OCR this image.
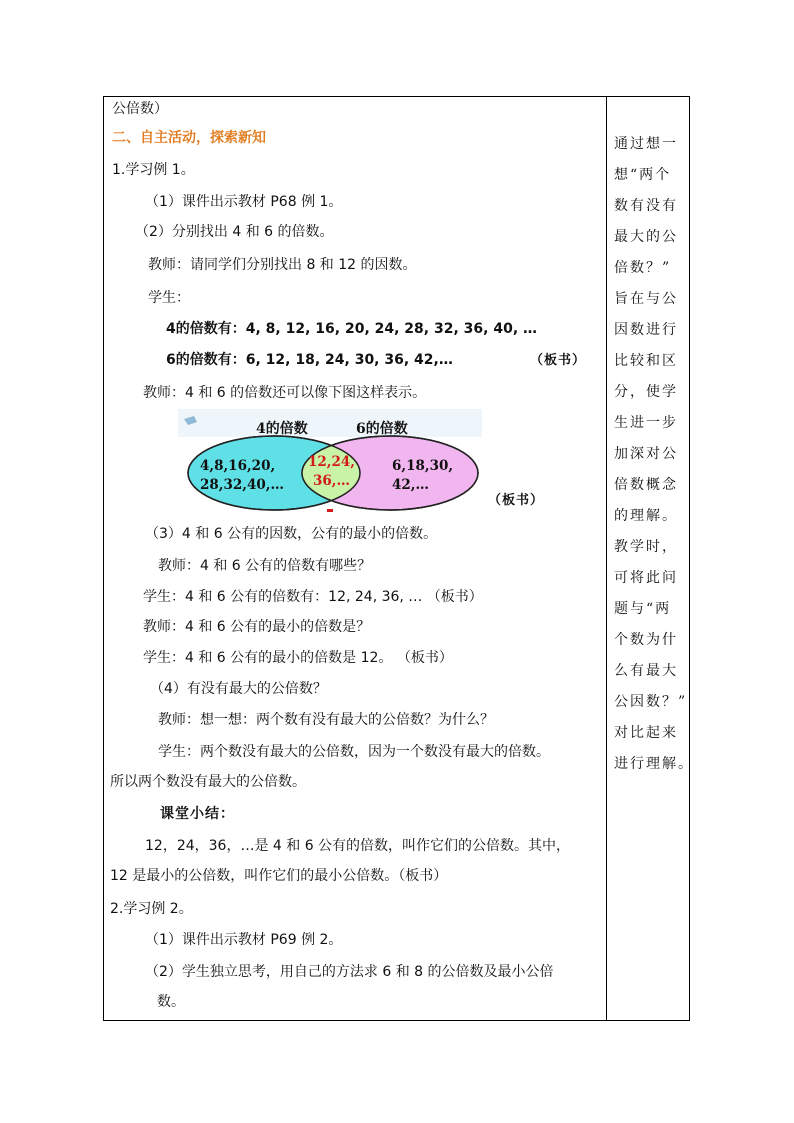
公倍数）
二、自主活动，探索新知
1.学习例 1。
（1）课件出示教材 P68 例 1。
（2）分别找出 4 和 6 的倍数。
教师：请同学们分别找出 8 和 12 的因数。
学生：
4的倍数有：4, 8, 12, 16, 20, 24, 28, 32, 36, 40, …
6的倍数有：6, 12, 18, 24, 30, 36, 42,…	（板书）
教师：4 和 6 的倍数还可以像下图这样表示。
4的倍数	6的倍数
4,8,16,20,
28,32,40,…
12,24,
36,…
6,18,30,
42,…
（板书）
（3）4 和 6 公有的因数，公有的最小的倍数。
教师：4 和 6 公有的倍数有哪些？
学生：4 和 6 公有的倍数有：12, 24, 36, … （板书）
教师：4 和 6 公有的最小的倍数是？
学生：4 和 6 公有的最小的倍数是 12。 （板书）
（4）有没有最大的公倍数？
教师：想一想：两个数有没有最大的公倍数？为什么？
学生：两个数没有最大的公倍数，因为一个数没有最大的倍数。
所以两个数没有最大的公倍数。
课堂小结：
12，24，36，…是 4 和 6 公有的倍数，叫作它们的公倍数。其中，
12 是最小的公倍数，叫作它们的最小公倍数。（板书）
2.学习例 2。
（1）课件出示教材 P69 例 2。
（2）学生独立思考，用自己的方法求 6 和 8 的公倍数及最小公倍
数。
通过想一
想“两个
数有没有
最大的公
倍数？”
旨在与公
因数进行
比较和区
分，使学
生进一步
加深对公
倍数概念
的理解。
教学时，
可将此问
题与“两
个数为什
么有最大
公因数？”
对比起来
进行理解。
